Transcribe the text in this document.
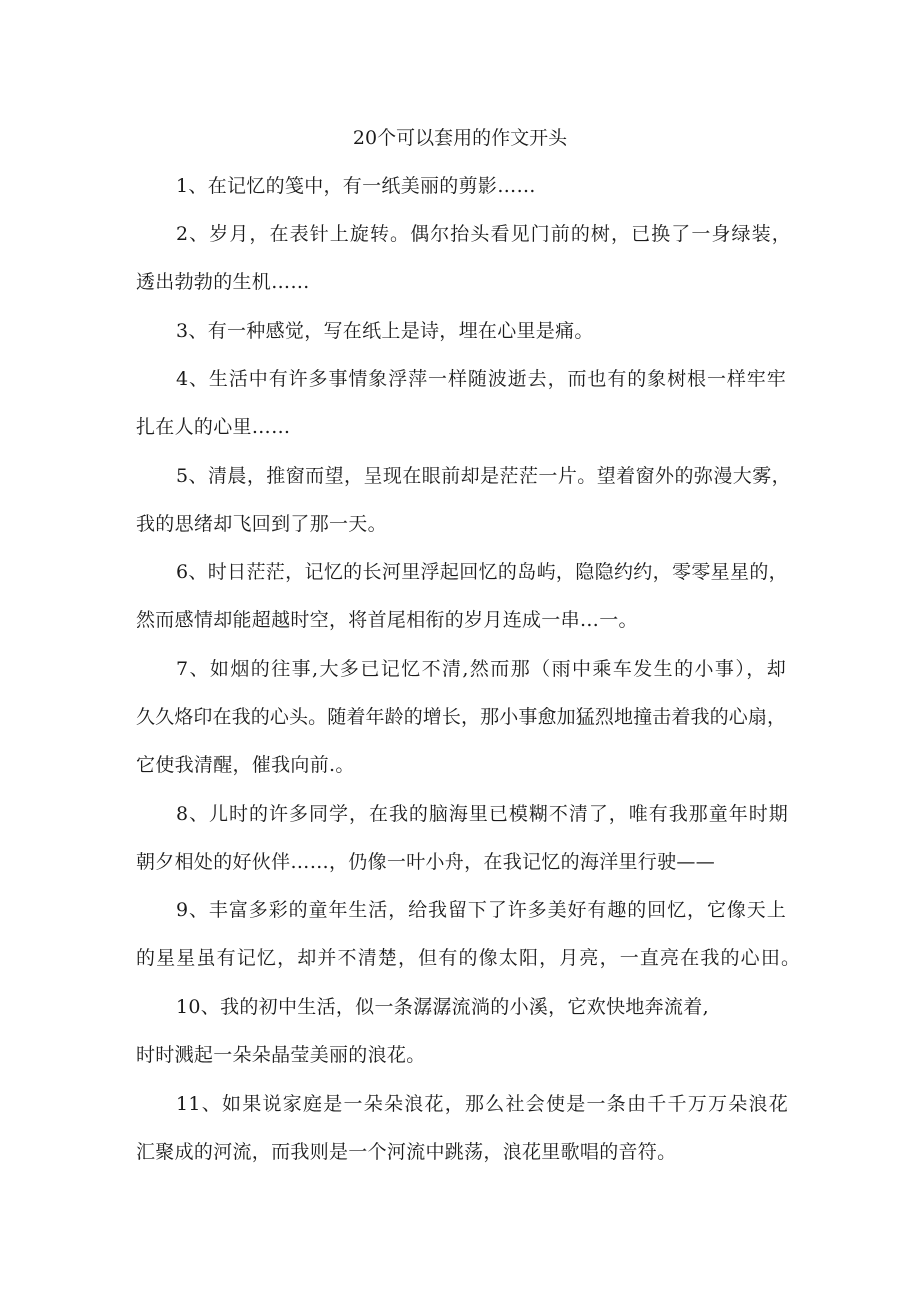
20个可以套用的作文开头
1、在记忆的笺中，有一纸美丽的剪影……
2、岁月，在表针上旋转。偶尔抬头看见门前的树，已换了一身绿装，
透出勃勃的生机……
3、有一种感觉，写在纸上是诗，埋在心里是痛。
4、生活中有许多事情象浮萍一样随波逝去，而也有的象树根一样牢牢
扎在人的心里……
5、清晨，推窗而望，呈现在眼前却是茫茫一片。望着窗外的弥漫大雾，
我的思绪却飞回到了那一天。
6、时日茫茫，记忆的长河里浮起回忆的岛屿，隐隐约约，零零星星的，
然而感情却能超越时空，将首尾相衔的岁月连成一串…一。
7、如烟的往事,大多已记忆不清,然而那（雨中乘车发生的小事），却
久久烙印在我的心头。随着年龄的增长，那小事愈加猛烈地撞击着我的心扇，
它使我清醒，催我向前.。
8、儿时的许多同学，在我的脑海里已模糊不清了，唯有我那童年时期
朝夕相处的好伙伴……，仍像一叶小舟，在我记忆的海洋里行驶——
9、丰富多彩的童年生活，给我留下了许多美好有趣的回忆，它像天上
的星星虽有记忆，却并不清楚，但有的像太阳，月亮，一直亮在我的心田。
10、我的初中生活，似一条潺潺流淌的小溪，它欢快地奔流着,
时时溅起一朵朵晶莹美丽的浪花。
11、如果说家庭是一朵朵浪花，那么社会使是一条由千千万万朵浪花
汇聚成的河流，而我则是一个河流中跳荡，浪花里歌唱的音符。
